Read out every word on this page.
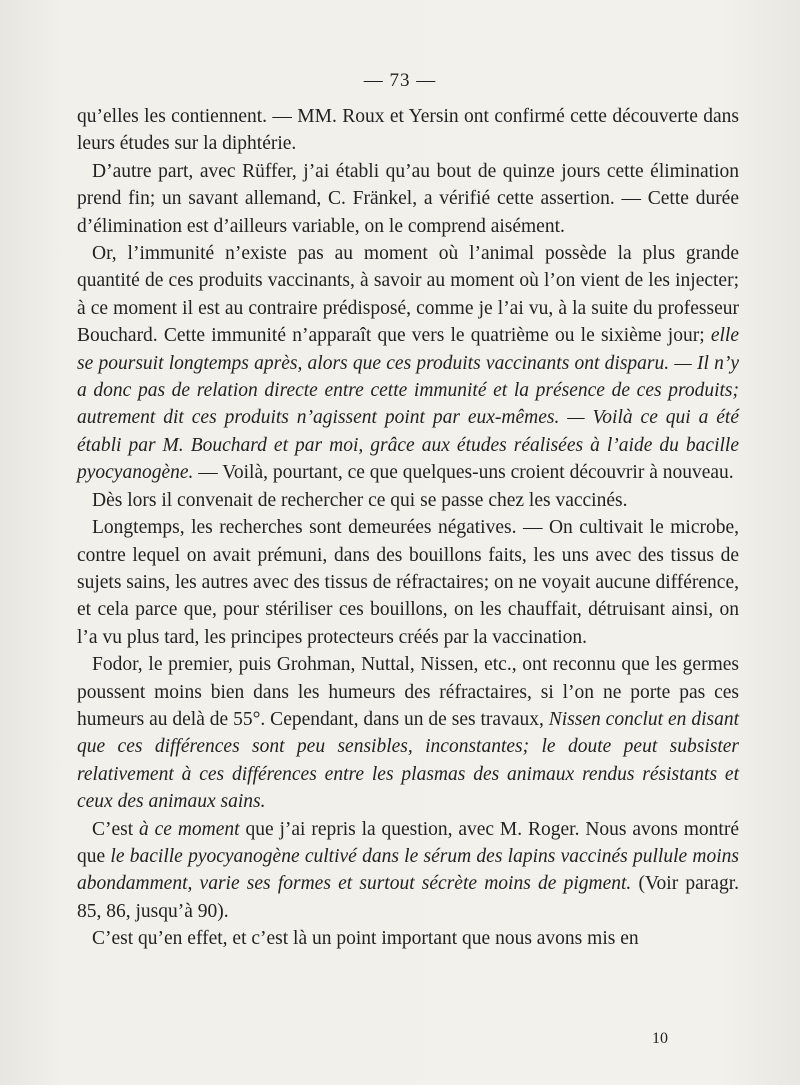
— 73 —

qu’elles les contiennent. — MM. Roux et Yersin ont confirmé cette découverte dans leurs études sur la diphtérie.

D’autre part, avec Rüffer, j’ai établi qu’au bout de quinze jours cette élimination prend fin; un savant allemand, C. Fränkel, a vérifié cette assertion. — Cette durée d’élimination est d’ailleurs variable, on le comprend aisément.

Or, l’immunité n’existe pas au moment où l’animal possède la plus grande quantité de ces produits vaccinants, à savoir au moment où l’on vient de les injecter; à ce moment il est au contraire prédisposé, comme je l’ai vu, à la suite du professeur Bouchard. Cette immunité n’apparaît que vers le quatrième ou le sixième jour; elle se poursuit longtemps après, alors que ces produits vaccinants ont disparu. — Il n’y a donc pas de relation directe entre cette immunité et la présence de ces produits; autrement dit ces produits n’agissent point par eux-mêmes. — Voilà ce qui a été établi par M. Bouchard et par moi, grâce aux études réalisées à l’aide du bacille pyocyanogène. — Voilà, pourtant, ce que quelques-uns croient découvrir à nouveau.

Dès lors il convenait de rechercher ce qui se passe chez les vaccinés.

Longtemps, les recherches sont demeurées négatives. — On cultivait le microbe, contre lequel on avait prémuni, dans des bouillons faits, les uns avec des tissus de sujets sains, les autres avec des tissus de réfractaires; on ne voyait aucune différence, et cela parce que, pour stériliser ces bouillons, on les chauffait, détruisant ainsi, on l’a vu plus tard, les principes protecteurs créés par la vaccination.

Fodor, le premier, puis Grohman, Nuttal, Nissen, etc., ont reconnu que les germes poussent moins bien dans les humeurs des réfractaires, si l’on ne porte pas ces humeurs au delà de 55°. Cependant, dans un de ses travaux, Nissen conclut en disant que ces différences sont peu sensibles, inconstantes; le doute peut subsister relativement à ces différences entre les plasmas des animaux rendus résistants et ceux des animaux sains.

C’est à ce moment que j’ai repris la question, avec M. Roger. Nous avons montré que le bacille pyocyanogène cultivé dans le sérum des lapins vaccinés pullule moins abondamment, varie ses formes et surtout sécrète moins de pigment. (Voir paragr. 85, 86, jusqu’à 90).

C’est qu’en effet, et c’est là un point important que nous avons mis en

10
